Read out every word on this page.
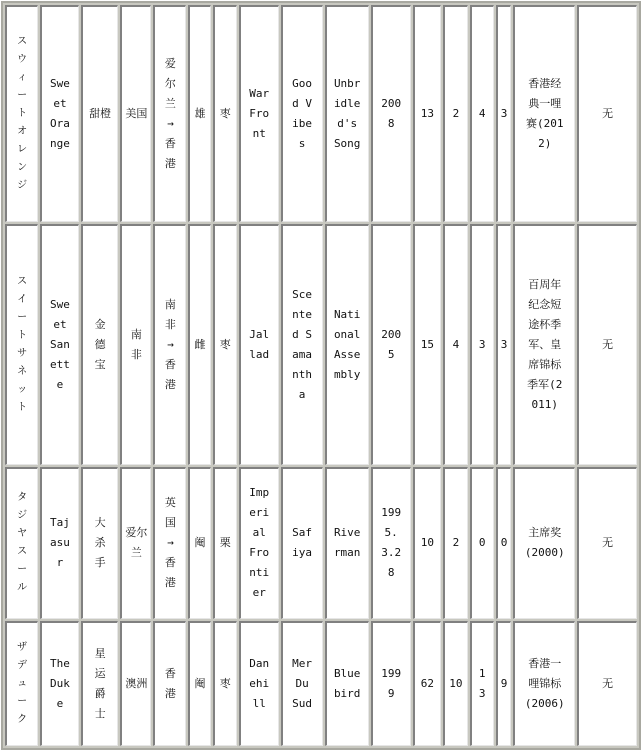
スウィートオレンジ	Sweet Orange	甜橙	美国	爱尔兰→香港	雄	枣	War Front	Good Vibes	Unbridled's Song	2008	13	2	4	3	香港经典一哩赛(2012)	无
スイートサネット	Sweet Sanette	金德宝	南非	南非→香港	雌	枣	Jallad	Scented Samantha	National Assembly	2005	15	4	3	3	百周年纪念短途杯季军、皇席锦标季军(2011)	无
タジヤスール	Tajasur	大杀手	爱尔兰	英国→香港	阉	栗	Imperial Frontier	Safiya	Riverman	1995.3.28	10	2	0	0	主席奖(2000)	无
ザデューク	The Duke	星运爵士	澳洲	香港	阉	枣	Danehill	Mer Du Sud	Bluebird	1999	62	10	13	9	香港一哩锦标(2006)	无
